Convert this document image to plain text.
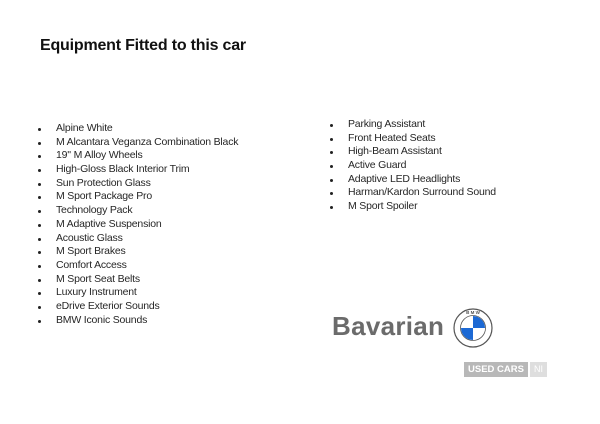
Equipment Fitted to this car
Alpine White
M Alcantara Veganza Combination Black
19'' M Alloy Wheels
High-Gloss Black Interior Trim
Sun Protection Glass
M Sport Package Pro
Technology Pack
M Adaptive Suspension
Acoustic Glass
M Sport Brakes
Comfort Access
M Sport Seat Belts
Luxury Instrument
eDrive Exterior Sounds
BMW Iconic Sounds
Parking Assistant
Front Heated Seats
High-Beam Assistant
Active Guard
Adaptive LED Headlights
Harman/Kardon Surround Sound
M Sport Spoiler
Bavarian	B M W
USED CARS	NI
